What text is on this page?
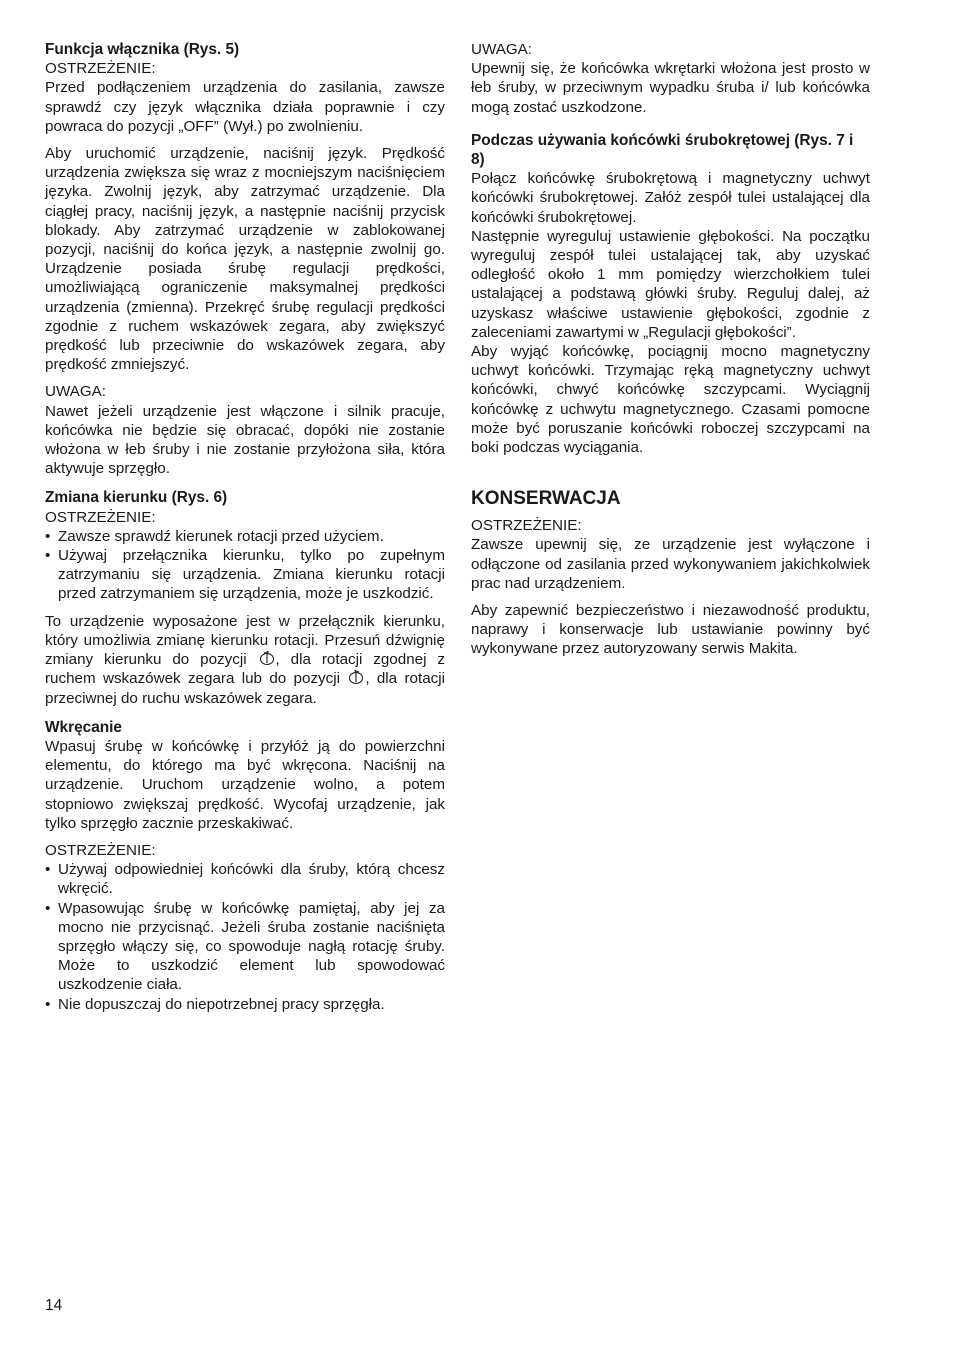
Funkcja włącznika (Rys. 5)
OSTRZEŻENIE:

Przed podłączeniem urządzenia do zasilania, zawsze sprawdź czy język włącznika działa poprawnie i czy powraca do pozycji „OFF” (Wył.) po zwolnieniu.

Aby uruchomić urządzenie, naciśnij język. Prędkość urządzenia zwiększa się wraz z mocniejszym naciśnięciem języka. Zwolnij język, aby zatrzymać urządzenie. Dla ciągłej pracy, naciśnij język, a następnie naciśnij przycisk blokady. Aby zatrzymać urządzenie w zablokowanej pozycji, naciśnij do końca język, a następnie zwolnij go. Urządzenie posiada śrubę regulacji prędkości, umożliwiającą ograniczenie maksymalnej prędkości urządzenia (zmienna). Przekręć śrubę regulacji prędkości zgodnie z ruchem wskazówek zegara, aby zwiększyć prędkość lub przeciwnie do wskazówek zegara, aby prędkość zmniejszyć.

UWAGA:

Nawet jeżeli urządzenie jest włączone i silnik pracuje, końcówka nie będzie się obracać, dopóki nie zostanie włożona w łeb śruby i nie zostanie przyłożona siła, która aktywuje sprzęgło.

Zmiana kierunku (Rys. 6)
OSTRZEŻENIE:
• Zawsze sprawdź kierunek rotacji przed użyciem.
• Używaj przełącznika kierunku, tylko po zupełnym zatrzymaniu się urządzenia. Zmiana kierunku rotacji przed zatrzymaniem się urządzenia, może je uszkodzić.

To urządzenie wyposażone jest w przełącznik kierunku, który umożliwia zmianę kierunku rotacji. Przesuń dźwignię zmiany kierunku do pozycji , dla rotacji zgodnej z ruchem wskazówek zegara lub do pozycji , dla rotacji przeciwnej do ruchu wskazówek zegara.

Wkręcanie

Wpasuj śrubę w końcówkę i przyłóż ją do powierzchni elementu, do którego ma być wkręcona. Naciśnij na urządzenie. Uruchom urządzenie wolno, a potem stopniowo zwiększaj prędkość. Wycofaj urządzenie, jak tylko sprzęgło zacznie przeskakiwać.

OSTRZEŻENIE:
• Używaj odpowiedniej końcówki dla śruby, którą chcesz wkręcić.
• Wpasowując śrubę w końcówkę pamiętaj, aby jej za mocno nie przycisnąć. Jeżeli śruba zostanie naciśnięta sprzęgło włączy się, co spowoduje nagłą rotację śruby. Może to uszkodzić element lub spowodować uszkodzenie ciała.
• Nie dopuszczaj do niepotrzebnej pracy sprzęgła.
UWAGA:

Upewnij się, że końcówka wkrętarki włożona jest prosto w łeb śruby, w przeciwnym wypadku śruba i/ lub końcówka mogą zostać uszkodzone.

Podczas używania końcówki śrubokrętowej (Rys. 7 i 8)

Połącz końcówkę śrubokrętową i magnetyczny uchwyt końcówki śrubokrętowej. Załóż zespół tulei ustalającej dla końcówki śrubokrętowej.

Następnie wyreguluj ustawienie głębokości. Na początku wyreguluj zespół tulei ustalającej tak, aby uzyskać odległość około 1 mm pomiędzy wierzchołkiem tulei ustalającej a podstawą główki śruby. Reguluj dalej, aż uzyskasz właściwe ustawienie głębokości, zgodnie z zaleceniami zawartymi w „Regulacji głębokości”.

Aby wyjąć końcówkę, pociągnij mocno magnetyczny uchwyt końcówki. Trzymając ręką magnetyczny uchwyt końcówki, chwyć końcówkę szczypcami. Wyciągnij końcówkę z uchwytu magnetycznego. Czasami pomocne może być poruszanie końcówki roboczej szczypcami na boki podczas wyciągania.

KONSERWACJA
OSTRZEŻENIE:

Zawsze upewnij się, ze urządzenie jest wyłączone i odłączone od zasilania przed wykonywaniem jakichkolwiek prac nad urządzeniem.

Aby zapewnić bezpieczeństwo i niezawodność produktu, naprawy i konserwacje lub ustawianie powinny być wykonywane przez autoryzowany serwis Makita.

14
